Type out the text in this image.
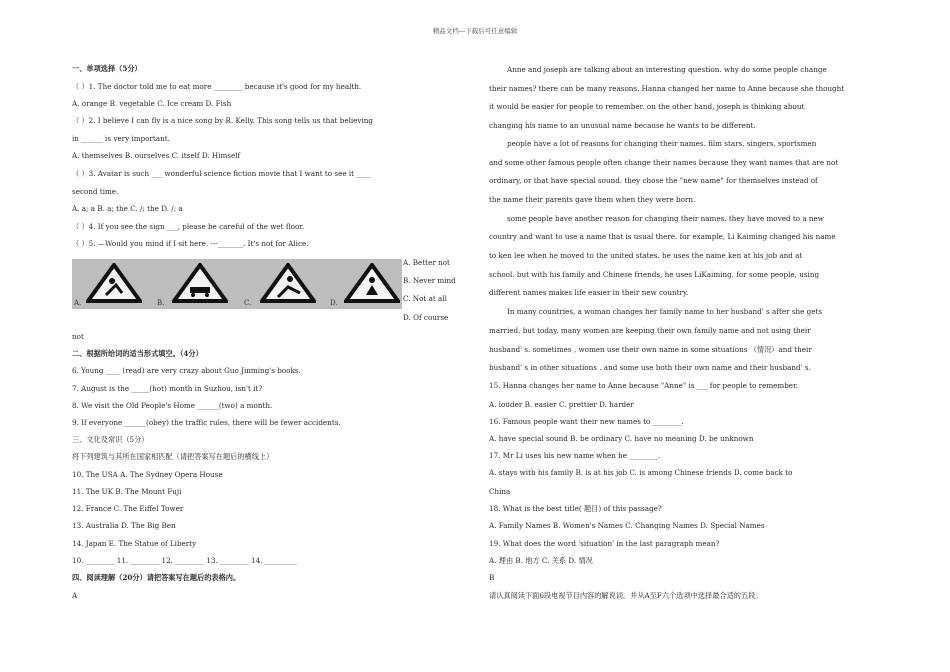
精品文档---下载后可任意编辑
一、单项选择（5分）
（ ）1. The doctor told me to eat more ________ because it's good for my health.
A. orange B. vegetable C. Ice cream D. Fish
（ ）2. I believe I can fly is a nice song by R. Kelly. This song tells us that believing
in ______ is very important.
A. themselves B. ourselves C. itself D. Himself
（ ）3. Avatar is such ___ wonderful science fiction movie that I want to see it ____
second time.
A. a; a B. a; the C. /; the D. /; a
（ ）4. If you see the sign ___, please be careful of the wet floor.
（ ）5. —Would you mind if I sit here. ---_______. It's not for Alice.
A.	B.	C.	D.
A. Better not
B. Never mind
C. Not at all
D. Of course
not
二、根据所给词的适当形式填空。（4分）
6. Young ____ (read) are very crazy about Guo Jinming's books.
7. August is the _____(hot) month in Suzhou, isn't it?
8. We visit the Old People's Home ______(two) a month.
9. If everyone ______(obey) the traffic rules, there will be fewer accidents.
三、文化及常识（5分）
将下列建筑与其所在国家相匹配（请把答案写在题后的横线上）
10. The USA A. The Sydney Opera House
11. The UK B. The Mount Fuji
12. France C. The Eiffel Tower
13. Australia D. The Big Ben
14. Japan E. The Statue of Liberty
10. ________ 11. ________ 12. ________ 13. ________ 14. _________
四、阅读理解（20分）请把答案写在题后的表格内。
A
Anne and joseph are talking about an interesting question. why do some people change
their names? there can be many reasons. Hanna changed her name to Anne because she thought
it would be easier for people to remember. on the other hand, joseph is thinking about
changing his name to an unusual name because he wants to be different.
people have a lot of reasons for changing their names. film stars, singers, sportsmen
and some other famous people often change their names because they want names that are not
ordinary, or that have special sound. they chose the "new name" for themselves instead of
the name their parents gave them when they were born.
some people have another reason for changing their names. they have moved to a new
country and want to use a name that is usual there. for example, Li Kaiming changed his name
to ken lee when he moved to the united states. he uses the name ken at his job and at
school. but with his family and Chinese friends, he uses LiKaiming. for some people, using
different names makes life easier in their new country.
In many countries, a woman changes her family name to her husband' s after she gets
married. but today, many women are keeping their own family name and not using their
husband' s. sometimes , women use their own name in some situations （情况）and their
husband' s in other situations . and some use both their own name and their husband' s.
15. Hanna changes her name to Anne because "Anne" is ___ for people to remember.
A. louder B. easier C. prettier D. harder
16. Famous people want their new names to ________.
A. have special sound B. be ordinary C. have no meaning D. be unknown
17. Mr Li uses his new name when he ________.
A. stays with his family B. is at his job C. is among Chinese friends D. come back to
China
18. What is the best title( 题目) of this passage?
A. Family Names B. Women's Names C. Changing Names D. Special Names
19. What does the word 'situation' in the last paragraph mean?
A. 理由 B. 地方 C. 关系 D. 情况
B
请认真阅读下面6段电视节目内容的解说词。并从A至F六个选项中选择最合适的五段。
